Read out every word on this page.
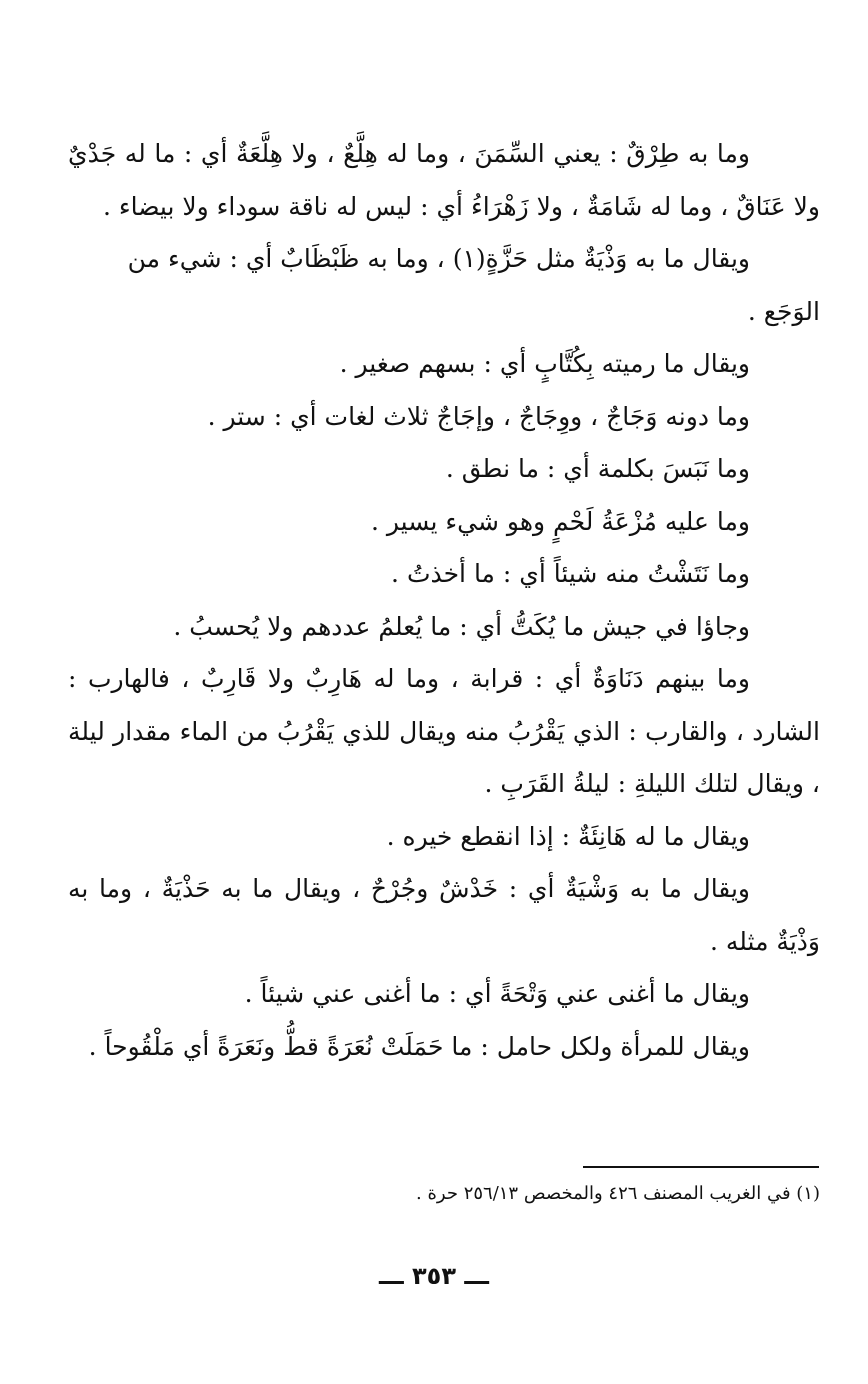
وما به طِرْقٌ : يعني السِّمَنَ ، وما له هِلَّعٌ ، ولا هِلَّعَةٌ أي : ما له جَدْيٌ ولا عَنَاقٌ ، وما له شَامَةٌ ، ولا زَهْرَاءُ أي : ليس له ناقة سوداء ولا بيضاء .

ويقال ما به وَذْيَةٌ مثل حَزَّةٍ(١) ، وما به ظَبْظَابٌ أي : شيء من الوَجَع .

ويقال ما رميته بِكُتَّابٍ أي : بسهم صغير .

وما دونه وَجَاجٌ ، ووِجَاجٌ ، وإجَاجٌ ثلاث لغات أي : ستر .

وما نَبَسَ بكلمة أي : ما نطق .

وما عليه مُزْعَةُ لَحْمٍ وهو شيء يسير .

وما نَتَشْتُ منه شيئاً أي : ما أخذتُ .

وجاؤا في جيش ما يُكَتُّ أي : ما يُعلمُ عددهم ولا يُحسبُ .

وما بينهم دَنَاوَةٌ أي : قرابة ، وما له هَارِبٌ ولا قَارِبٌ ، فالهارب : الشارد ، والقارب : الذي يَقْرُبُ منه ويقال للذي يَقْرُبُ من الماء مقدار ليلة ، ويقال لتلك الليلةِ : ليلةُ القَرَبِ .

ويقال ما له هَانِئَةٌ : إذا انقطع خيره .

ويقال ما به وَشْيَةٌ أي : خَدْشٌ وجُرْحٌ ، ويقال ما به حَذْيَةٌ ، وما به وَذْيَةٌ مثله .

ويقال ما أغنى عني وَتْحَةً أي : ما أغنى عني شيئاً .

ويقال للمرأة ولكل حامل : ما حَمَلَتْ نُعَرَةً قطُّ ونَعَرَةً أي مَلْقُوحاً .

(١) في الغريب المصنف ٤٢٦ والمخصص ٢٥٦/١٣ حرة .
ـــ ٣٥٣ ـــ
